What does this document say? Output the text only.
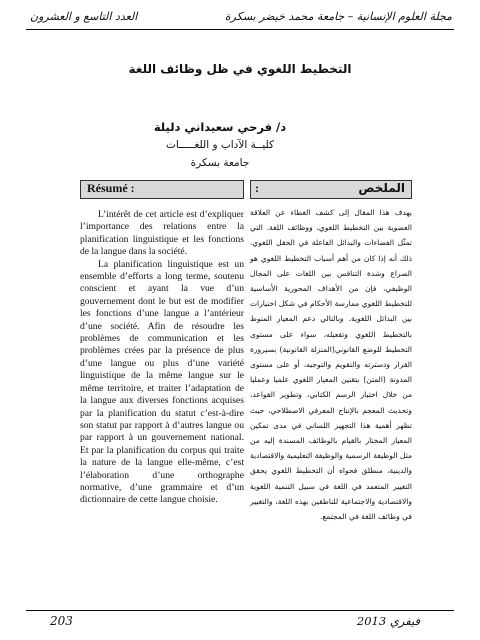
العدد التاسع و العشرون	مجلة العلوم الإنسانية – جامعة محمد خيضر بسكرة
التخطيط اللغوي في ظل وظائف اللغة
د/ فرحي سعيداني دليلة
كليــة الآداب و اللغـــــات
جامعة بسكرة
Résumé :

L’intérêt de cet article est d’expliquer l’importance des relations entre la planification linguistique et les fonctions de la langue dans la société.

La planification linguistique est un ensemble d’efforts a long terme, soutenu conscient et ayant la vue d’un gouvernement dont le but est de modifier les fonctions d’une langue a l’antérieur d’une société. Afin de résoudre les problèmes de communication et les problèmes crées par la présence de plus d’une langue ou plus d’une variété linguistique de la même langue sur le même territoire, et traiter l’adaptation de la langue aux diverses fonctions acquises par la planification du statut c’est-à-dire son statut par rapport à d’autres langue ou par rapport à un gouvernement national. Et par la planification du corpus qui traite la nature de la langue elle-même, c’est l’élaboration d’une orthographe normative, d’une grammaire et d’un dictionnaire de cette langue choisie.

:	الملخص

يهدف هذا المقال إلى كشف الغطاء عن العلاقة العضوية بين التخطيط اللغوي، ووظائف اللغة. التي تمثّل الفضاءات والبدائل الفاعلة في الحقل اللغوي. ذلك أنه إذا كان من أهم أسباب التخطيط اللغوي هو الصراع وشدة التنافس بين اللغات على المجال الوظيفي، فإن من الأهداف المحورية الأساسية للتخطيط اللغوي ممارسة الأحكام في شكل اختيارات بين البدائل اللغوية. وبالتالي دعم المعيار المنوط بالتخطيط اللغوي وتفعيله، سواء على مستوى التخطيط للوضع القانوني(المنزلة القانونية) بسيرورة القرار ودسترته والتقويم والتوجيه، أو على مستوى المدونة (المتن) بتقنين المعيار اللغوي علميا وعمليا من خلال اختيار الرسم الكتابي، وتطوير القواعد، وتحديث المعجم بالإنتاج المعرفي الاصطلاحي، حيث تظهر أهمية هذا التجهيز اللساني في مدى تمكين المعيار المختار بالقيام بالوظائف المسندة إليه من مثل الوظيفة الرسمية والوظيفة التعليمية والاقتصادية والدينية، منطلق فحواه أن التخطيط اللغوي يحقق التغيير المتعمد في اللغة في سبيل التنمية اللغوية والاقتصادية والاجتماعية للناطقين بهذه اللغة، والتغيير في وظائف اللغة في المجتمع.

203	فيفري 2013
